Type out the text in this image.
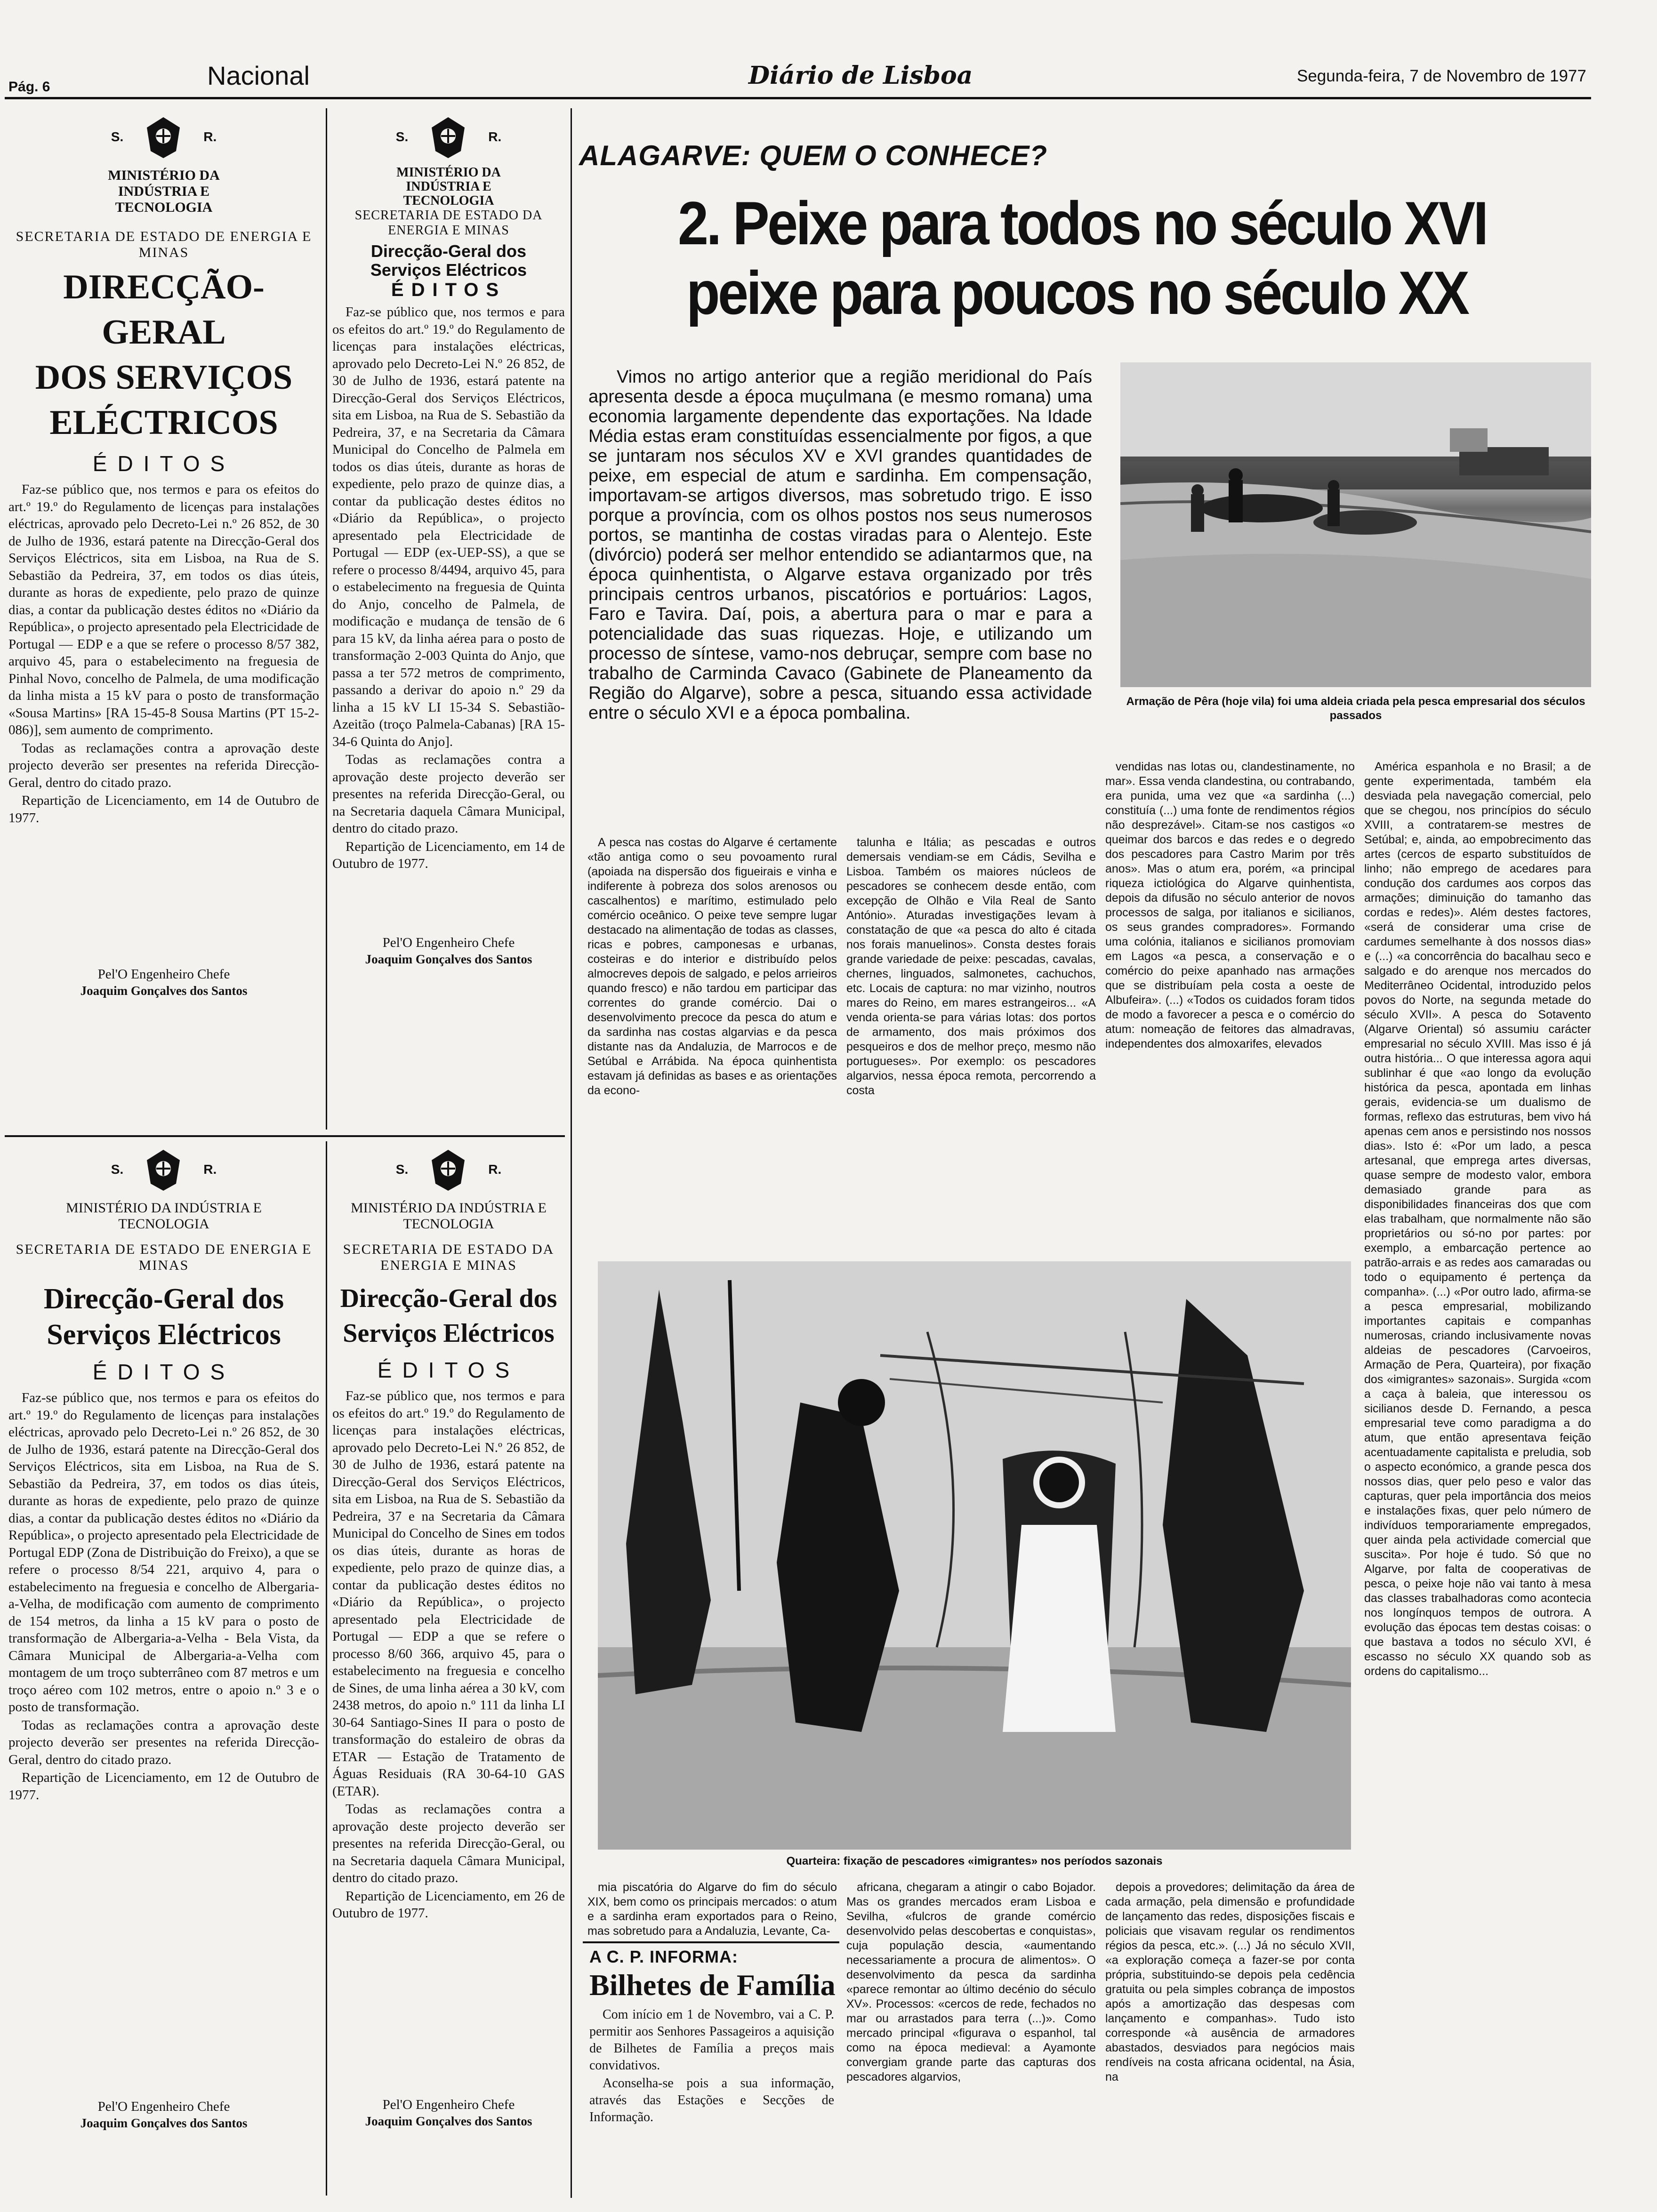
Pág. 6	Nacional	Diário de Lisboa	Segunda-feira, 7 de Novembro de 1977
S.	R.
MINISTÉRIO DA INDÚSTRIA E TECNOLOGIA
SECRETARIA DE ESTADO DE ENERGIA E MINAS
DIRECÇÃO-GERAL
DOS SERVIÇOS
ELÉCTRICOS
ÉDITOS

Faz-se público que, nos termos e para os efeitos do art.º 19.º do Regulamento de licenças para instalações eléctricas, aprovado pelo Decreto-Lei n.º 26 852, de 30 de Julho de 1936, estará patente na Direcção-Geral dos Serviços Eléctricos, sita em Lisboa, na Rua de S. Sebastião da Pedreira, 37, em todos os dias úteis, durante as horas de expediente, pelo prazo de quinze dias, a contar da publicação destes éditos no «Diário da República», o projecto apresentado pela Electricidade de Portugal — EDP e a que se refere o processo 8/57 382, arquivo 45, para o estabelecimento na freguesia de Pinhal Novo, concelho de Palmela, de uma modificação da linha mista a 15 kV para o posto de transformação «Sousa Martins» [RA 15-45-8 Sousa Martins (PT 15-2-086)], sem aumento de comprimento.

Todas as reclamações contra a aprovação deste projecto deverão ser presentes na referida Direcção-Geral, dentro do citado prazo.

Repartição de Licenciamento, em 14 de Outubro de 1977.

Pel'O Engenheiro Chefe
Joaquim Gonçalves dos Santos
S.	R.
MINISTÉRIO DA INDÚSTRIA E TECNOLOGIA
SECRETARIA DE ESTADO DA ENERGIA E MINAS
Direcção-Geral dos
Serviços Eléctricos
ÉDITOS

Faz-se público que, nos termos e para os efeitos do art.º 19.º do Regulamento de licenças para instalações eléctricas, aprovado pelo Decreto-Lei N.º 26 852, de 30 de Julho de 1936, estará patente na Direcção-Geral dos Serviços Eléctricos, sita em Lisboa, na Rua de S. Sebastião da Pedreira, 37, e na Secretaria da Câmara Municipal do Concelho de Palmela em todos os dias úteis, durante as horas de expediente, pelo prazo de quinze dias, a contar da publicação destes éditos no «Diário da República», o projecto apresentado pela Electricidade de Portugal — EDP (ex-UEP-SS), a que se refere o processo 8/4494, arquivo 45, para o estabelecimento na freguesia de Quinta do Anjo, concelho de Palmela, de modificação e mudança de tensão de 6 para 15 kV, da linha aérea para o posto de transformação 2-003 Quinta do Anjo, que passa a ter 572 metros de comprimento, passando a derivar do apoio n.º 29 da linha a 15 kV LI 15-34 S. Sebastião-Azeitão (troço Palmela-Cabanas) [RA 15-34-6 Quinta do Anjo].

Todas as reclamações contra a aprovação deste projecto deverão ser presentes na referida Direcção-Geral, ou na Secretaria daquela Câmara Municipal, dentro do citado prazo.

Repartição de Licenciamento, em 14 de Outubro de 1977.

Pel'O Engenheiro Chefe
Joaquim Gonçalves dos Santos
S.	R.
MINISTÉRIO DA INDÚSTRIA E TECNOLOGIA
SECRETARIA DE ESTADO DE ENERGIA E MINAS
Direcção-Geral dos
Serviços Eléctricos
ÉDITOS

Faz-se público que, nos termos e para os efeitos do art.º 19.º do Regulamento de licenças para instalações eléctricas, aprovado pelo Decreto-Lei n.º 26 852, de 30 de Julho de 1936, estará patente na Direcção-Geral dos Serviços Eléctricos, sita em Lisboa, na Rua de S. Sebastião da Pedreira, 37, em todos os dias úteis, durante as horas de expediente, pelo prazo de quinze dias, a contar da publicação destes éditos no «Diário da República», o projecto apresentado pela Electricidade de Portugal EDP (Zona de Distribuição do Freixo), a que se refere o processo 8/54 221, arquivo 4, para o estabelecimento na freguesia e concelho de Albergaria-a-Velha, de modificação com aumento de comprimento de 154 metros, da linha a 15 kV para o posto de transformação de Albergaria-a-Velha - Bela Vista, da Câmara Municipal de Albergaria-a-Velha com montagem de um troço subterrâneo com 87 metros e um troço aéreo com 102 metros, entre o apoio n.º 3 e o posto de transformação.

Todas as reclamações contra a aprovação deste projecto deverão ser presentes na referida Direcção-Geral, dentro do citado prazo.

Repartição de Licenciamento, em 12 de Outubro de 1977.

Pel'O Engenheiro Chefe
Joaquim Gonçalves dos Santos
S.	R.
MINISTÉRIO DA INDÚSTRIA E TECNOLOGIA
SECRETARIA DE ESTADO DA ENERGIA E MINAS
Direcção-Geral dos
Serviços Eléctricos
ÉDITOS

Faz-se público que, nos termos e para os efeitos do art.º 19.º do Regulamento de licenças para instalações eléctricas, aprovado pelo Decreto-Lei N.º 26 852, de 30 de Julho de 1936, estará patente na Direcção-Geral dos Serviços Eléctricos, sita em Lisboa, na Rua de S. Sebastião da Pedreira, 37 e na Secretaria da Câmara Municipal do Concelho de Sines em todos os dias úteis, durante as horas de expediente, pelo prazo de quinze dias, a contar da publicação destes éditos no «Diário da República», o projecto apresentado pela Electricidade de Portugal — EDP a que se refere o processo 8/60 366, arquivo 45, para o estabelecimento na freguesia e concelho de Sines, de uma linha aérea a 30 kV, com 2438 metros, do apoio n.º 111 da linha LI 30-64 Santiago-Sines II para o posto de transformação do estaleiro de obras da ETAR — Estação de Tratamento de Águas Residuais (RA 30-64-10 GAS (ETAR).

Todas as reclamações contra a aprovação deste projecto deverão ser presentes na referida Direcção-Geral, ou na Secretaria daquela Câmara Municipal, dentro do citado prazo.

Repartição de Licenciamento, em 26 de Outubro de 1977.

Pel'O Engenheiro Chefe
Joaquim Gonçalves dos Santos
ALAGARVE: QUEM O CONHECE?
2. Peixe para todos no século XVI
peixe para poucos no século XX

Vimos no artigo anterior que a região meridional do País apresenta desde a época muçulmana (e mesmo romana) uma economia largamente dependente das exportações. Na Idade Média estas eram constituídas essencialmente por figos, a que se juntaram nos séculos XV e XVI grandes quantidades de peixe, em especial de atum e sardinha. Em compensação, importavam-se artigos diversos, mas sobretudo trigo. E isso porque a província, com os olhos postos nos seus numerosos portos, se mantinha de costas viradas para o Alentejo. Este (divórcio) poderá ser melhor entendido se adiantarmos que, na época quinhentista, o Algarve estava organizado por três principais centros urbanos, piscatórios e portuários: Lagos, Faro e Tavira. Daí, pois, a abertura para o mar e para a potencialidade das suas riquezas. Hoje, e utilizando um processo de síntese, vamo-nos debruçar, sempre com base no trabalho de Carminda Cavaco (Gabinete de Planeamento da Região do Algarve), sobre a pesca, situando essa actividade entre o século XVI e a época pombalina.

Armação de Pêra (hoje vila) foi uma aldeia criada pela pesca empresarial dos séculos passados

A pesca nas costas do Algarve é certamente «tão antiga como o seu povoamento rural (apoiada na dispersão dos figueirais e vinha e indiferente à pobreza dos solos arenosos ou cascalhentos) e marítimo, estimulado pelo comércio oceânico. O peixe teve sempre lugar destacado na alimentação de todas as classes, ricas e pobres, camponesas e urbanas, costeiras e do interior e distribuído pelos almocreves depois de salgado, e pelos arrieiros quando fresco) e não tardou em participar das correntes do grande comércio. Dai o desenvolvimento precoce da pesca do atum e da sardinha nas costas algarvias e da pesca distante nas da Andaluzia, de Marrocos e de Setúbal e Arrábida. Na época quinhentista estavam já definidas as bases e as orientações da econo-

talunha e Itália; as pescadas e outros demersais vendiam-se em Cádis, Sevilha e Lisboa. Também os maiores núcleos de pescadores se conhecem desde então, com excepção de Olhão e Vila Real de Santo António». Aturadas investigações levam à constatação de que «a pesca do alto é citada nos forais manuelinos». Consta destes forais grande variedade de peixe: pescadas, cavalas, chernes, linguados, salmonetes, cachuchos, etc. Locais de captura: no mar vizinho, noutros mares do Reino, em mares estrangeiros... «A venda orienta-se para várias lotas: dos portos de armamento, dos mais próximos dos pesqueiros e dos de melhor preço, mesmo não portugueses». Por exemplo: os pescadores algarvios, nessa época remota, percorrendo a costa

vendidas nas lotas ou, clandestinamente, no mar». Essa venda clandestina, ou contrabando, era punida, uma vez que «a sardinha (...) constituía (...) uma fonte de rendimentos régios não desprezável». Citam-se nos castigos «o queimar dos barcos e das redes e o degredo dos pescadores para Castro Marim por três anos». Mas o atum era, porém, «a principal riqueza ictiológica do Algarve quinhentista, depois da difusão no século anterior de novos processos de salga, por italianos e sicilianos, os seus grandes compradores». Formando uma colónia, italianos e sicilianos promoviam em Lagos «a pesca, a conservação e o comércio do peixe apanhado nas armações que se distribuíam pela costa a oeste de Albufeira». (...) «Todos os cuidados foram tidos de modo a favorecer a pesca e o comércio do atum: nomeação de feitores das almadravas, independentes dos almoxarifes, elevados

América espanhola e no Brasil; a de gente experimentada, também ela desviada pela navegação comercial, pelo que se chegou, nos princípios do século XVIII, a contratarem-se mestres de Setúbal; e, ainda, ao empobrecimento das artes (cercos de esparto substituídos de linho; não emprego de acedares para condução dos cardumes aos corpos das armações; diminuição do tamanho das cordas e redes)». Além destes factores, «será de considerar uma crise de cardumes semelhante à dos nossos dias» e (...) «a concorrência do bacalhau seco e salgado e do arenque nos mercados do Mediterrâneo Ocidental, introduzido pelos povos do Norte, na segunda metade do século XVII». A pesca do Sotavento (Algarve Oriental) só assumiu carácter empresarial no século XVIII. Mas isso é já outra história... O que interessa agora aqui sublinhar é que «ao longo da evolução histórica da pesca, apontada em linhas gerais, evidencia-se um dualismo de formas, reflexo das estruturas, bem vivo há apenas cem anos e persistindo nos nossos dias». Isto é: «Por um lado, a pesca artesanal, que emprega artes diversas, quase sempre de modesto valor, embora demasiado grande para as disponibilidades financeiras dos que com elas trabalham, que normalmente não são proprietários ou só-no por partes: por exemplo, a embarcação pertence ao patrão-arrais e as redes aos camaradas ou todo o equipamento é pertença da companha». (...) «Por outro lado, afirma-se a pesca empresarial, mobilizando importantes capitais e companhas numerosas, criando inclusivamente novas aldeias de pescadores (Carvoeiros, Armação de Pera, Quarteira), por fixação dos «imigrantes» sazonais». Surgida «com a caça à baleia, que interessou os sicilianos desde D. Fernando, a pesca empresarial teve como paradigma a do atum, que então apresentava feição acentuadamente capitalista e preludia, sob o aspecto económico, a grande pesca dos nossos dias, quer pelo peso e valor das capturas, quer pela importância dos meios e instalações fixas, quer pelo número de indivíduos temporariamente empregados, quer ainda pela actividade comercial que suscita». Por hoje é tudo. Só que no Algarve, por falta de cooperativas de pesca, o peixe hoje não vai tanto à mesa das classes trabalhadoras como acontecia nos longínquos tempos de outrora. A evolução das épocas tem destas coisas: o que bastava a todos no século XVI, é escasso no século XX quando sob as ordens do capitalismo...

Quarteira: fixação de pescadores «imigrantes» nos períodos sazonais

mia piscatória do Algarve do fim do século XIX, bem como os principais mercados: o atum e a sardinha eram exportados para o Reino, mas sobretudo para a Andaluzia, Levante, Ca-

africana, chegaram a atingir o cabo Bojador. Mas os grandes mercados eram Lisboa e Sevilha, «fulcros de grande comércio desenvolvido pelas descobertas e conquistas», cuja população descia, «aumentando necessariamente a procura de alimentos». O desenvolvimento da pesca da sardinha «parece remontar ao último decénio do século XV». Processos: «cercos de rede, fechados no mar ou arrastados para terra (...)». Como mercado principal «figurava o espanhol, tal como na época medieval: a Ayamonte convergiam grande parte das capturas dos pescadores algarvios,

depois a provedores; delimitação da área de cada armação, pela dimensão e profundidade de lançamento das redes, disposições fiscais e policiais que visavam regular os rendimentos régios da pesca, etc.». (...) Já no século XVII, «a exploração começa a fazer-se por conta própria, substituindo-se depois pela cedência gratuita ou pela simples cobrança de impostos após a amortização das despesas com lançamento e companhas». Tudo isto corresponde «à ausência de armadores abastados, desviados para negócios mais rendíveis na costa africana ocidental, na Ásia, na

A C. P. INFORMA:
Bilhetes de Família

Com início em 1 de Novembro, vai a C. P. permitir aos Senhores Passageiros a aquisição de Bilhetes de Família a preços mais convidativos.

Aconselha-se pois a sua informação, através das Estações e Secções de Informação.
